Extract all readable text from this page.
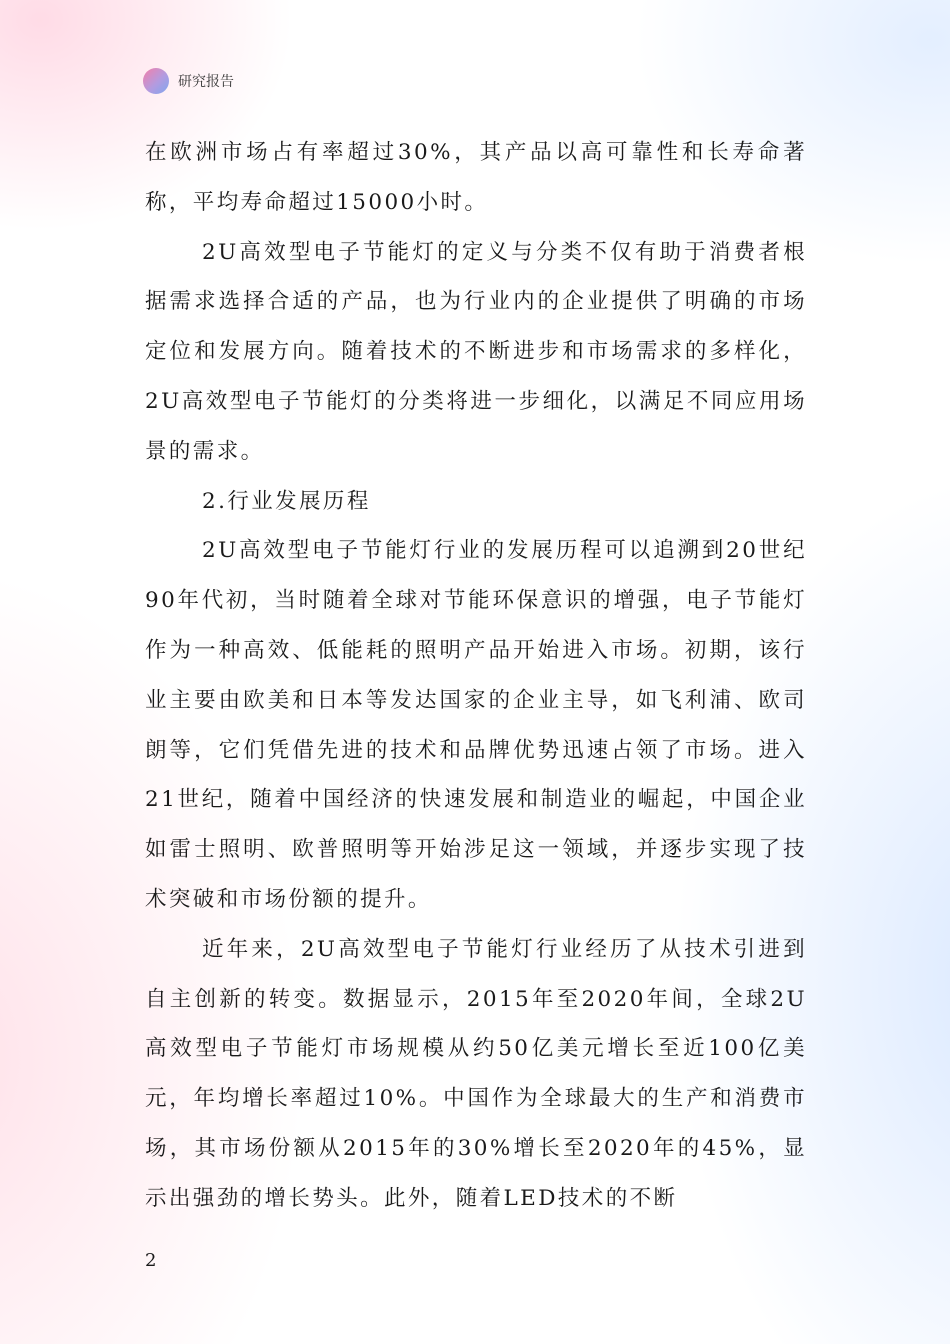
研究报告

在欧洲市场占有率超过30%，其产品以高可靠性和长寿命著称，平均寿命超过15000小时。

2U高效型电子节能灯的定义与分类不仅有助于消费者根据需求选择合适的产品，也为行业内的企业提供了明确的市场定位和发展方向。随着技术的不断进步和市场需求的多样化，2U高效型电子节能灯的分类将进一步细化，以满足不同应用场景的需求。

2.行业发展历程

2U高效型电子节能灯行业的发展历程可以追溯到20世纪90年代初，当时随着全球对节能环保意识的增强，电子节能灯作为一种高效、低能耗的照明产品开始进入市场。初期，该行业主要由欧美和日本等发达国家的企业主导，如飞利浦、欧司朗等，它们凭借先进的技术和品牌优势迅速占领了市场。进入21世纪，随着中国经济的快速发展和制造业的崛起，中国企业如雷士照明、欧普照明等开始涉足这一领域，并逐步实现了技术突破和市场份额的提升。

近年来，2U高效型电子节能灯行业经历了从技术引进到自主创新的转变。数据显示，2015年至2020年间，全球2U高效型电子节能灯市场规模从约50亿美元增长至近100亿美元，年均增长率超过10%。中国作为全球最大的生产和消费市场，其市场份额从2015年的30%增长至2020年的45%，显示出强劲的增长势头。此外，随着LED技术的不断

2
